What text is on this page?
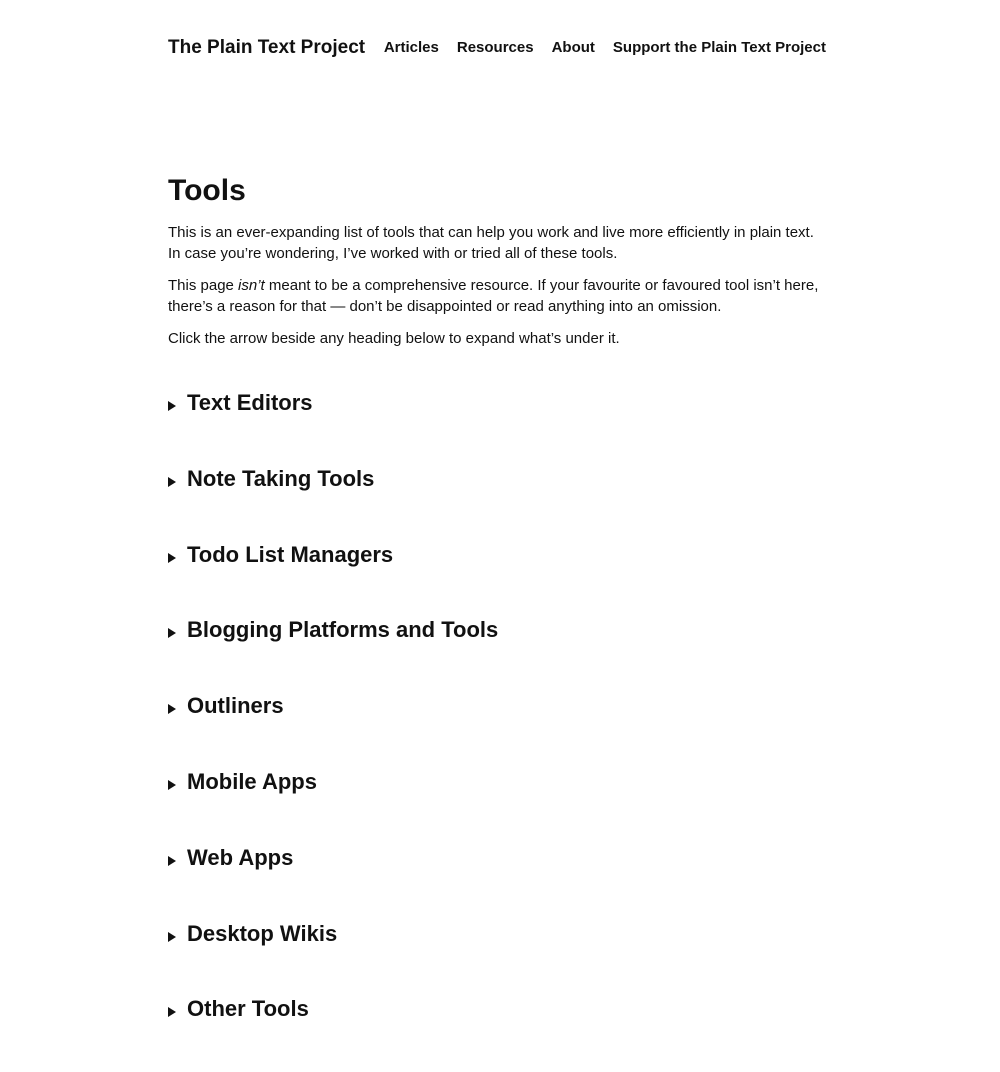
The Plain Text Project Articles Resources About Support the Plain Text Project
Tools

This is an ever-expanding list of tools that can help you work and live more efficiently in plain text. In case you’re wondering, I’ve worked with or tried all of these tools.

This page isn’t meant to be a comprehensive resource. If your favourite or favoured tool isn’t here, there’s a reason for that — don’t be disappointed or read anything into an omission.

Click the arrow beside any heading below to expand what’s under it.

Text Editors
Note Taking Tools
Todo List Managers
Blogging Platforms and Tools
Outliners
Mobile Apps
Web Apps
Desktop Wikis
Other Tools
